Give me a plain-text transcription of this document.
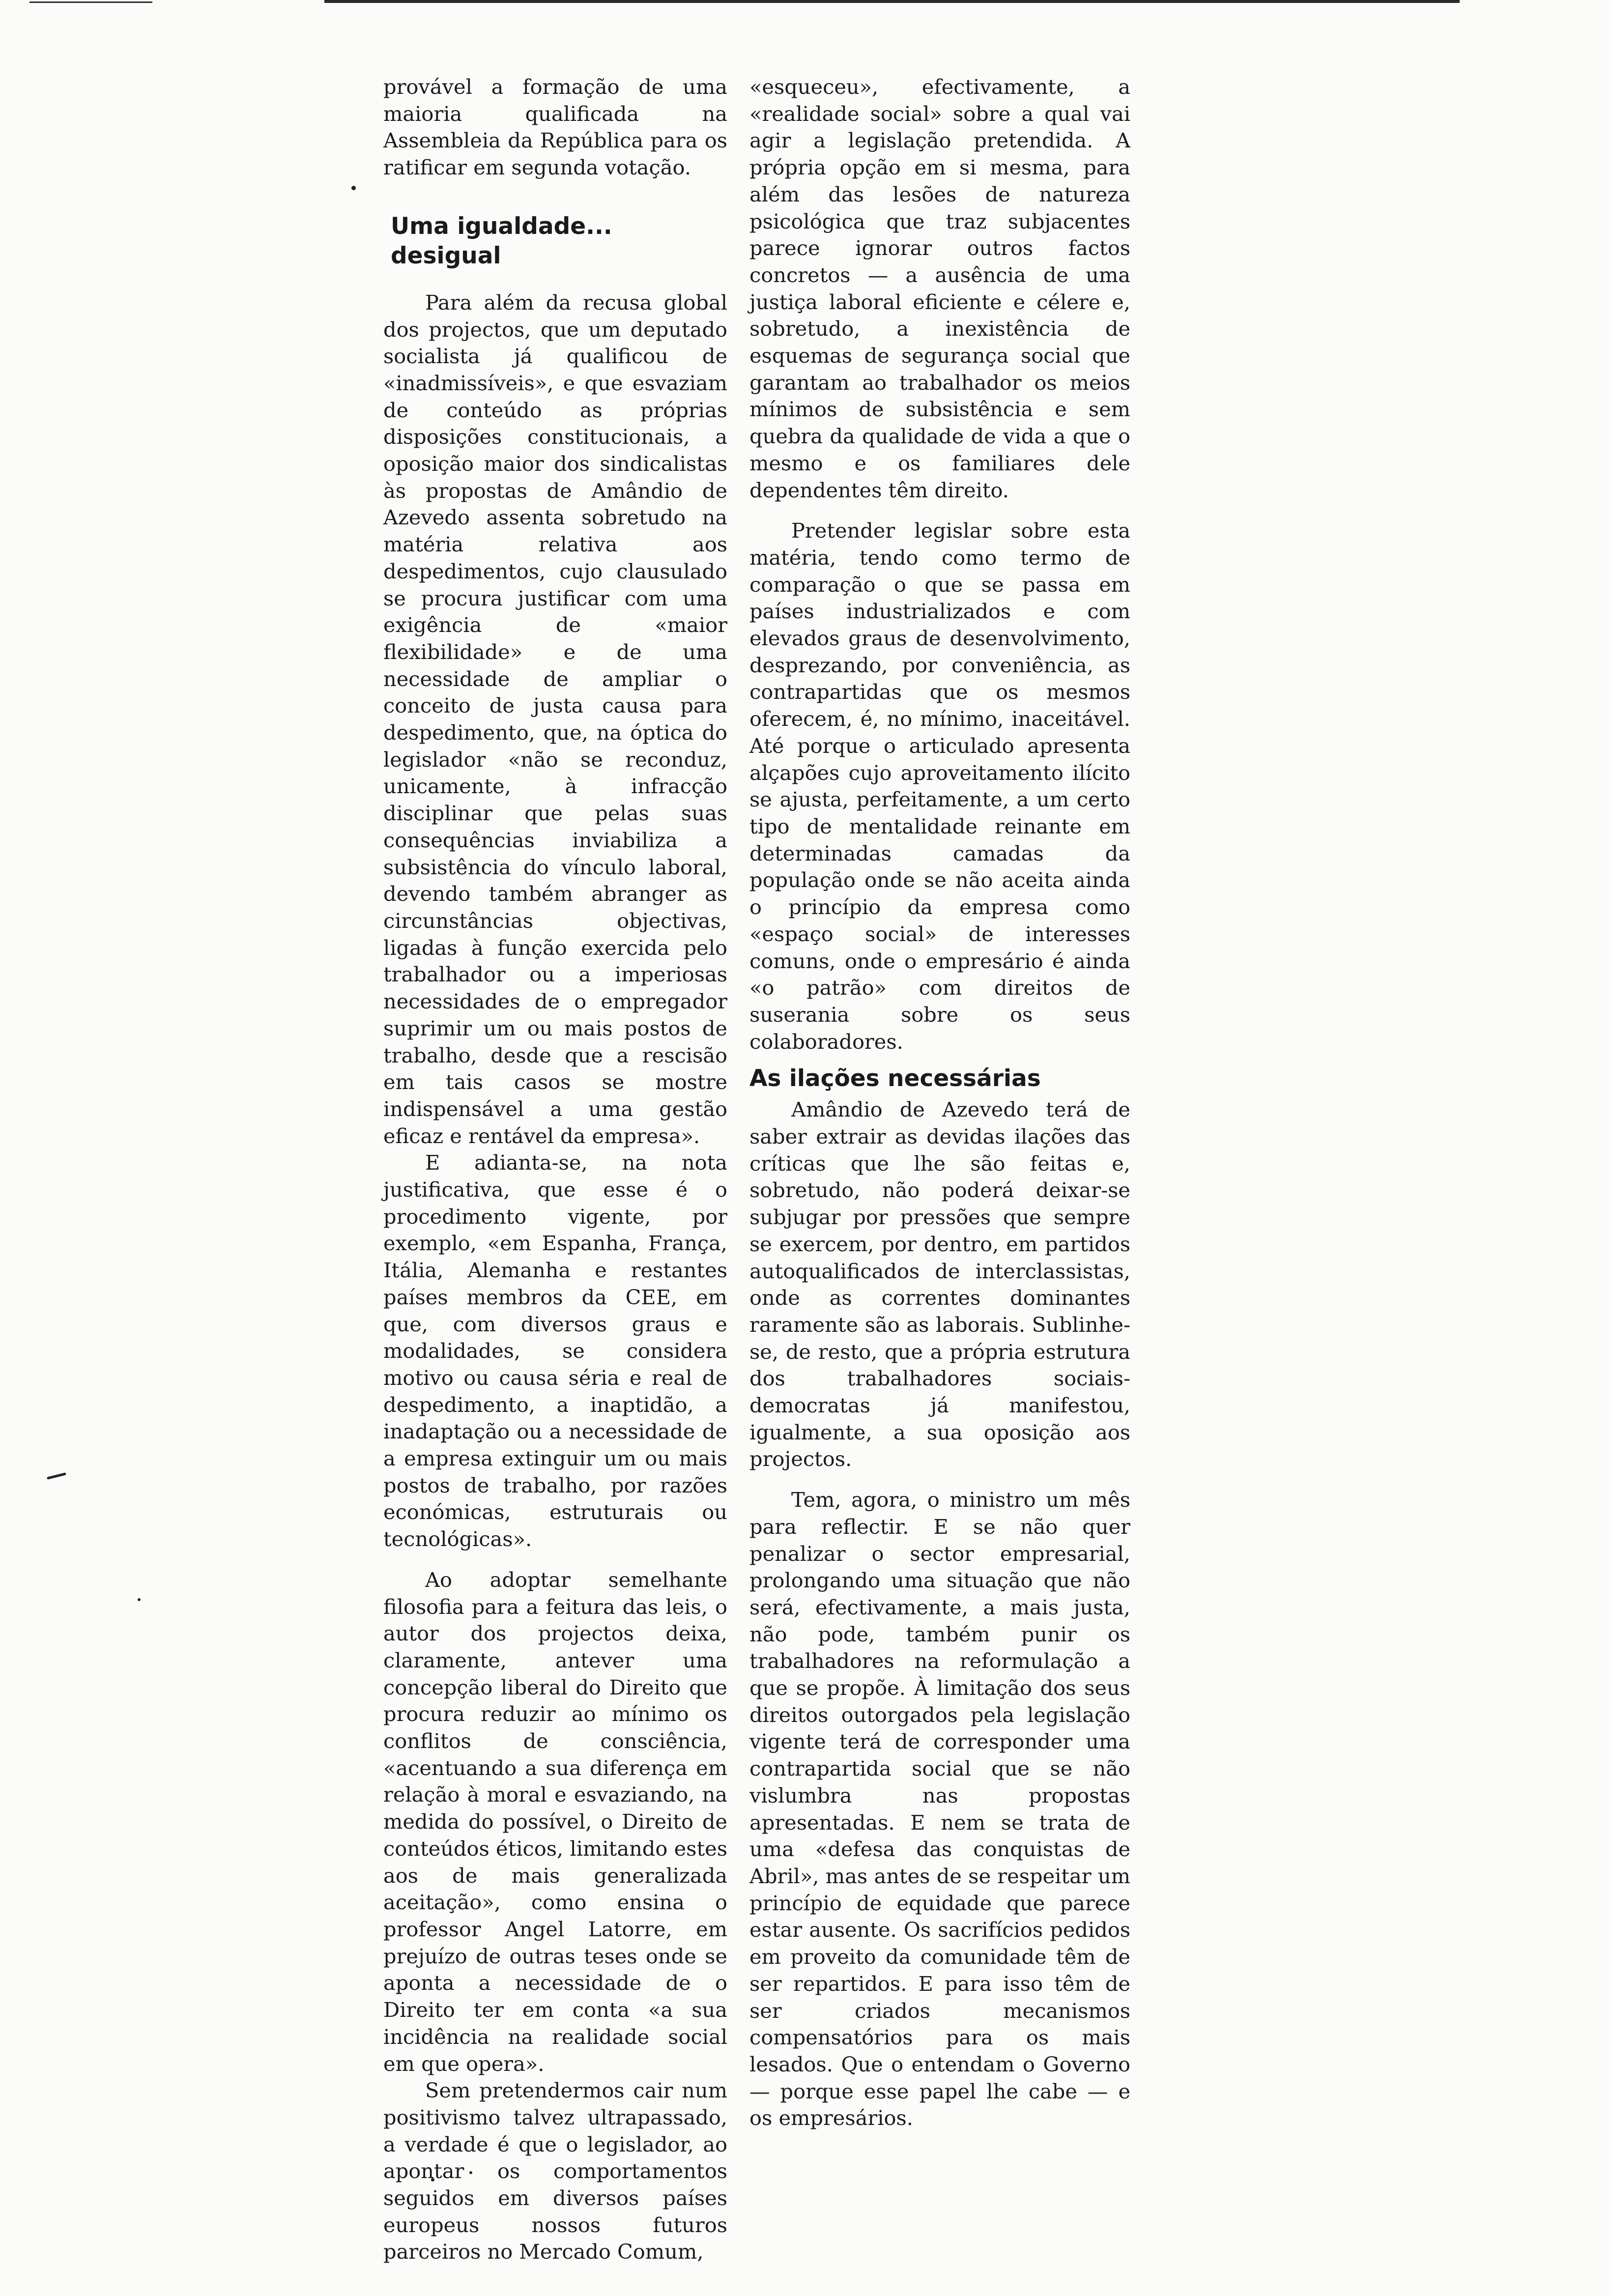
provável a formação de uma maioria qualificada na Assembleia da República para os ratificar em segunda votação.

Uma igualdade... desigual

Para além da recusa global dos projectos, que um deputado socialista já qualificou de «inadmissíveis», e que esvaziam de conteúdo as próprias disposições constitucionais, a oposição maior dos sindicalistas às propostas de Amândio de Azevedo assenta sobretudo na matéria relativa aos despedimentos, cujo clausulado se procura justificar com uma exigência de «maior flexibilidade» e de uma necessidade de ampliar o conceito de justa causa para despedimento, que, na óptica do legislador «não se reconduz, unicamente, à infracção disciplinar que pelas suas consequências inviabiliza a subsistência do vínculo laboral, devendo também abranger as circunstâncias objectivas, ligadas à função exercida pelo trabalhador ou a imperiosas necessidades de o empregador suprimir um ou mais postos de trabalho, desde que a rescisão em tais casos se mostre indispensável a uma gestão eficaz e rentável da empresa».

E adianta-se, na nota justificativa, que esse é o procedimento vigente, por exemplo, «em Espanha, França, Itália, Alemanha e restantes países membros da CEE, em que, com diversos graus e modalidades, se considera motivo ou causa séria e real de despedimento, a inaptidão, a inadaptação ou a necessidade de a empresa extinguir um ou mais postos de trabalho, por razões económicas, estruturais ou tecnológicas».

Ao adoptar semelhante filosofia para a feitura das leis, o autor dos projectos deixa, claramente, antever uma concepção liberal do Direito que procura reduzir ao mínimo os conflitos de consciência, «acentuando a sua diferença em relação à moral e esvaziando, na medida do possível, o Direito de conteúdos éticos, limitando estes aos de mais generalizada aceitação», como ensina o professor Angel Latorre, em prejuízo de outras teses onde se aponta a necessidade de o Direito ter em conta «a sua incidência na realidade social em que opera».

Sem pretendermos cair num positivismo talvez ultrapassado, a verdade é que o legislador, ao apontar os comportamentos seguidos em diversos países europeus nossos futuros parceiros no Mercado Comum,

«esqueceu», efectivamente, a «realidade social» sobre a qual vai agir a legislação pretendida. A própria opção em si mesma, para além das lesões de natureza psicológica que traz subjacentes parece ignorar outros factos concretos — a ausência de uma justiça laboral eficiente e célere e, sobretudo, a inexistência de esquemas de segurança social que garantam ao trabalhador os meios mínimos de subsistência e sem quebra da qualidade de vida a que o mesmo e os familiares dele dependentes têm direito.

Pretender legislar sobre esta matéria, tendo como termo de comparação o que se passa em países industrializados e com elevados graus de desenvolvimento, desprezando, por conveniência, as contrapartidas que os mesmos oferecem, é, no mínimo, inaceitável. Até porque o articulado apresenta alçapões cujo aproveitamento ilícito se ajusta, perfeitamente, a um certo tipo de mentalidade reinante em determinadas camadas da população onde se não aceita ainda o princípio da empresa como «espaço social» de interesses comuns, onde o empresário é ainda «o patrão» com direitos de suserania sobre os seus colaboradores.

As ilações necessárias

Amândio de Azevedo terá de saber extrair as devidas ilações das críticas que lhe são feitas e, sobretudo, não poderá deixar-se subjugar por pressões que sempre se exercem, por dentro, em partidos autoqualificados de interclassistas, onde as correntes dominantes raramente são as laborais. Sublinhe-se, de resto, que a própria estrutura dos trabalhadores sociais-democratas já manifestou, igualmente, a sua oposição aos projectos.

Tem, agora, o ministro um mês para reflectir. E se não quer penalizar o sector empresarial, prolongando uma situação que não será, efectivamente, a mais justa, não pode, também punir os trabalhadores na reformulação a que se propõe. À limitação dos seus direitos outorgados pela legislação vigente terá de corresponder uma contrapartida social que se não vislumbra nas propostas apresentadas. E nem se trata de uma «defesa das conquistas de Abril», mas antes de se respeitar um princípio de equidade que parece estar ausente. Os sacrifícios pedidos em proveito da comunidade têm de ser repartidos. E para isso têm de ser criados mecanismos compensatórios para os mais lesados. Que o entendam o Governo — porque esse papel lhe cabe — e os empresários.
